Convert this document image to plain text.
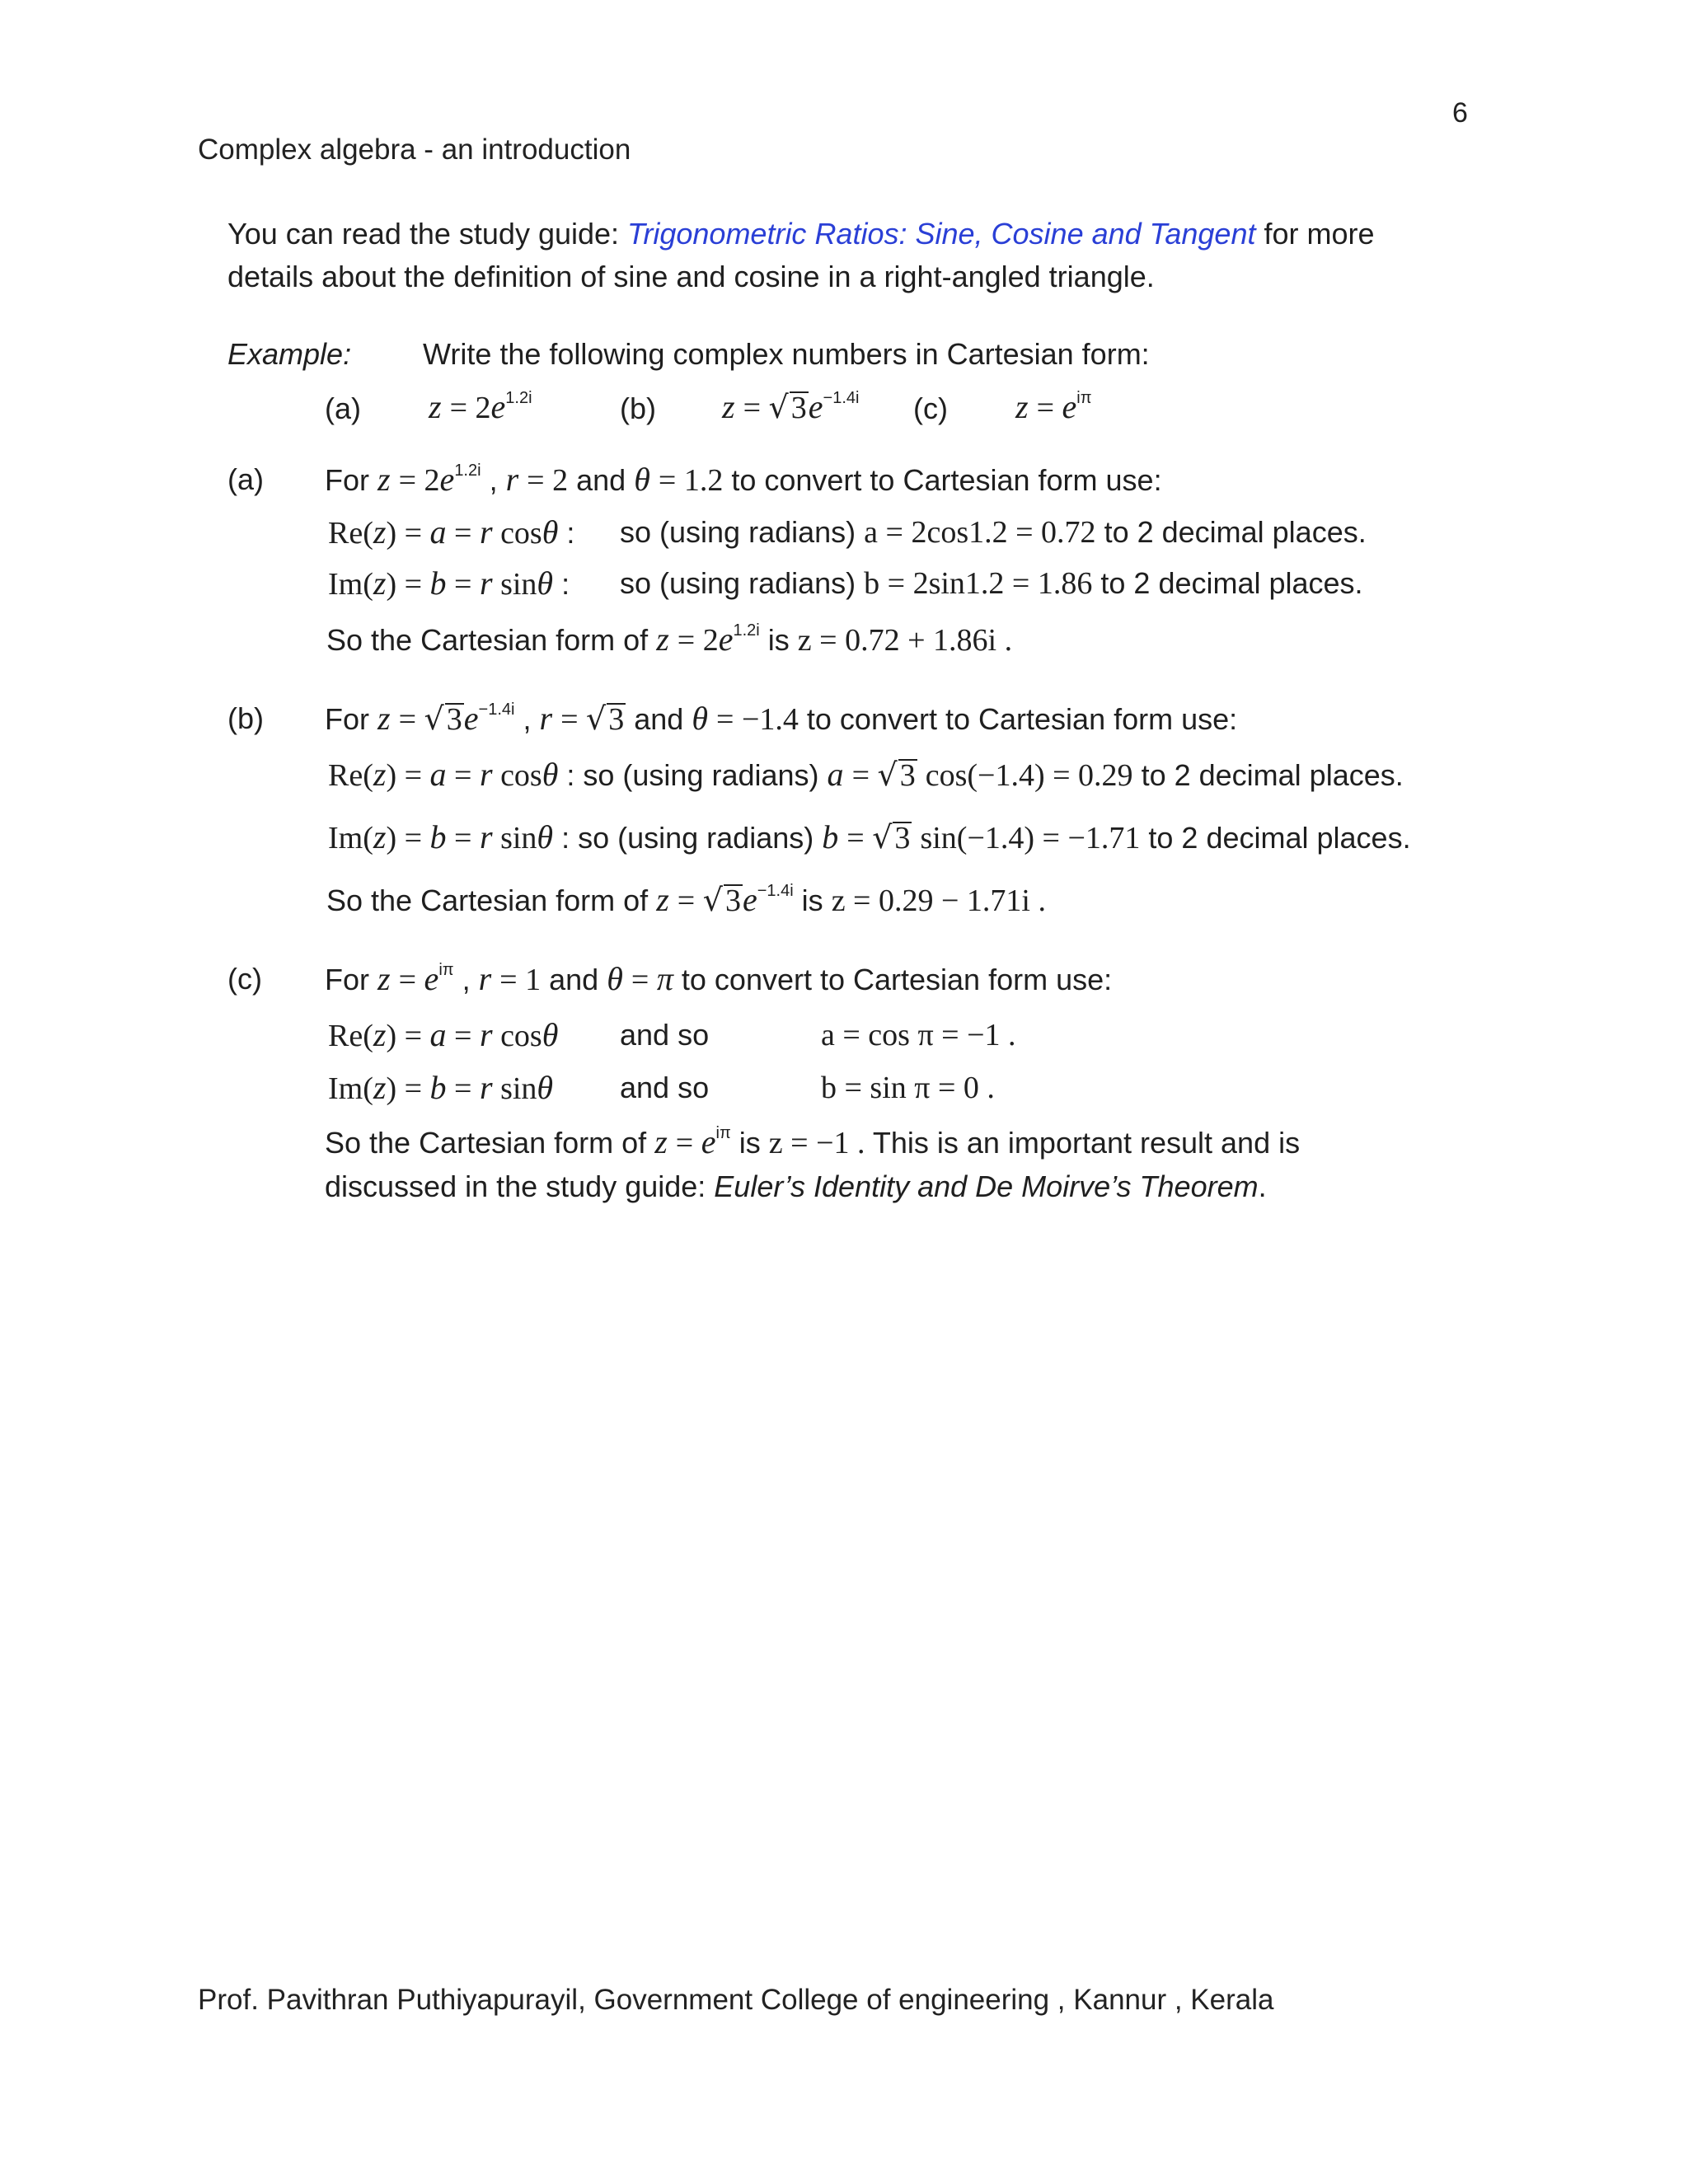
6
Complex algebra - an introduction
You can read the study guide: Trigonometric Ratios: Sine, Cosine and Tangent for more
details about the definition of sine and cosine in a right-angled triangle.
Example: Write the following complex numbers in Cartesian form:
(a) $z = 2e^{1.2i}$	(b) $z = √3e^{-1.4i}$ (c) $z = e^{i\pi}$
(a) For $z = 2e^{1.2i}$ , r = 2 and θ = 1.2 to convert to Cartesian form use:
Re(z) = a = r cosθ : so (using radians) a = 2cos1.2 = 0.72 to 2 decimal places.
Im(z) = b = r sinθ : so (using radians) b = 2sin1.2 = 1.86 to 2 decimal places.
So the Cartesian form of $z = 2e^{1.2i}$ is z = 0.72 + 1.86i .
(b) For $z = √3e^{-1.4i}$ , r = √3 and θ = −1.4 to convert to Cartesian form use:
Re(z) = a = r cosθ : so (using radians) a = √3 cos(−1.4) = 0.29 to 2 decimal places.
Im(z) = b = r sinθ : so (using radians) b = √3 sin(−1.4) = −1.71 to 2 decimal places.
So the Cartesian form of $z = √3e^{-1.4i}$ is z = 0.29 − 1.71i .
(c) For $z = e^{i\pi}$ , r = 1 and θ = π to convert to Cartesian form use:
Re(z) = a = r cosθ and so	a = cos π = −1 .
Im(z) = b = r sinθ and so	b = sin π = 0 .
So the Cartesian form of $z = e^{i\pi}$ is z = −1 . This is an important result and is
discussed in the study guide: Euler’s Identity and De Moirve’s Theorem.
Prof. Pavithran Puthiyapurayil, Government College of engineering , Kannur , Kerala
